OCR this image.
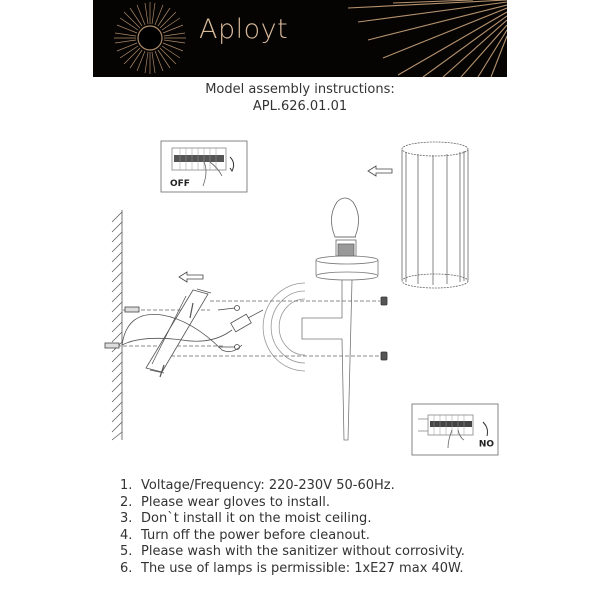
Aployt
Model assembly instructions:
APL.626.01.01
OFF
ON
1. Voltage/Frequency: 220-230V 50-60Hz.
2. Please wear gloves to install.
3. Don`t install it on the moist ceiling.
4. Turn off the power before cleanout.
5. Please wash with the sanitizer without corrosivity.
6. The use of lamps is permissible: 1xE27 max 40W.
